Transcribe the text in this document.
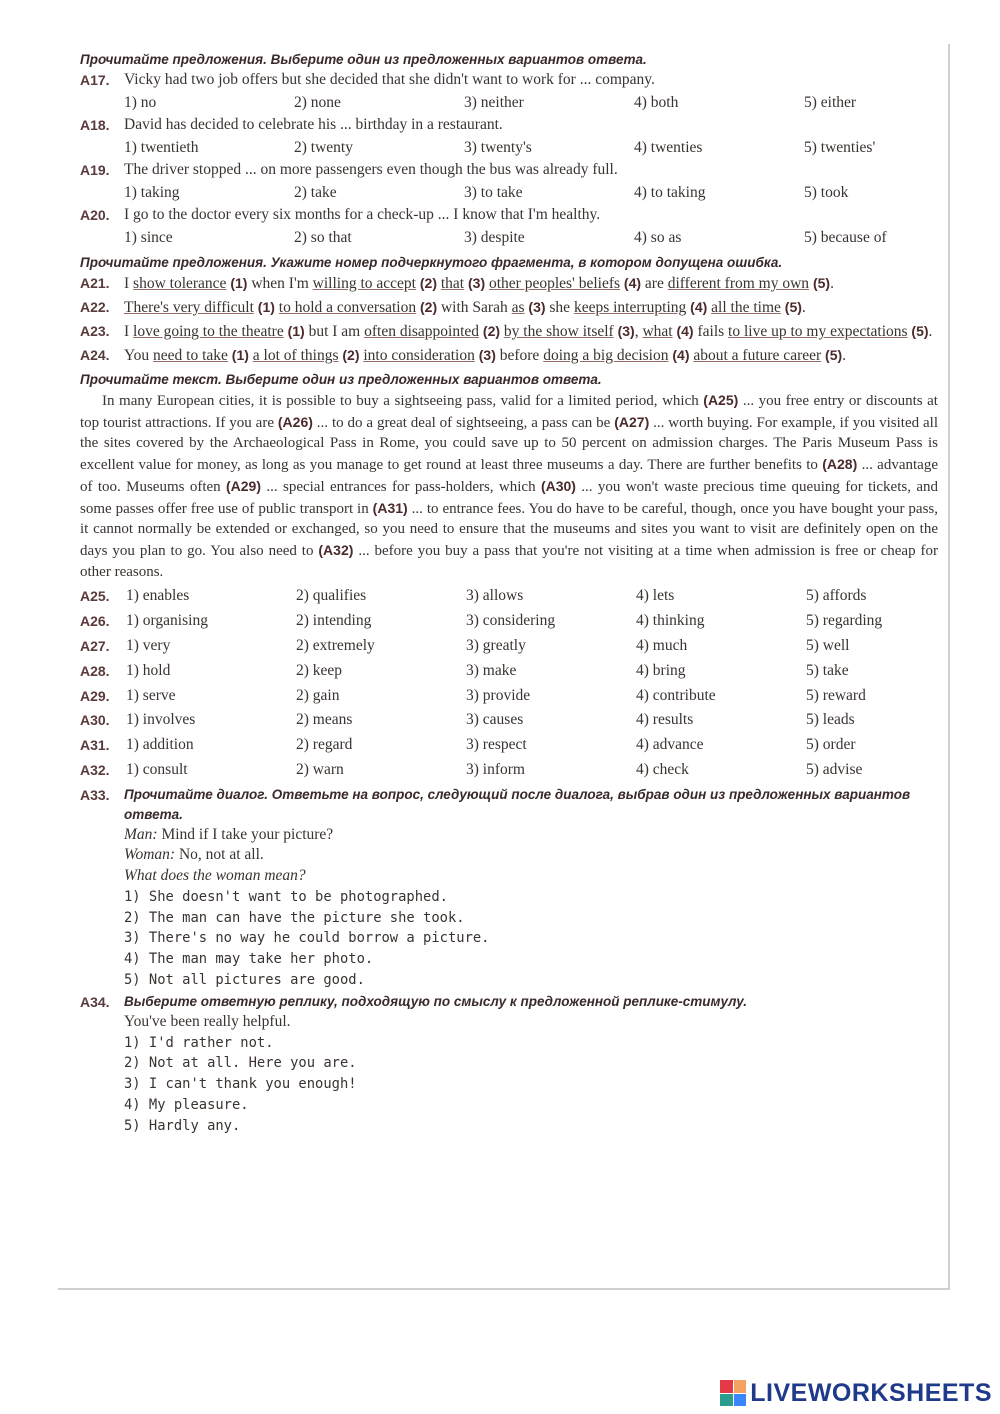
Прочитайте предложения. Выберите один из предложенных вариантов ответа.

A17. Vicky had two job offers but she decided that she didn't want to work for ... company.
1) no	2) none	3) neither	4) both	5) either
A18. David has decided to celebrate his ... birthday in a restaurant.
1) twentieth	2) twenty	3) twenty's	4) twenties	5) twenties'
A19. The driver stopped ... on more passengers even though the bus was already full.
1) taking	2) take	3) to take	4) to taking	5) took
A20. I go to the doctor every six months for a check-up ... I know that I'm healthy.
1) since	2) so that	3) despite	4) so as	5) because of

Прочитайте предложения. Укажите номер подчеркнутого фрагмента, в котором допущена ошибка.

A21. I show tolerance (1) when I'm willing to accept (2) that (3) other peoples' beliefs (4) are different from my own (5).
A22. There's very difficult (1) to hold a conversation (2) with Sarah as (3) she keeps interrupting (4) all the time (5).
A23. I love going to the theatre (1) but I am often disappointed (2) by the show itself (3), what (4) fails to live up to my expectations (5).
A24. You need to take (1) a lot of things (2) into consideration (3) before doing a big decision (4) about a future career (5).

Прочитайте текст. Выберите один из предложенных вариантов ответа.

In many European cities, it is possible to buy a sightseeing pass, valid for a limited period, which (A25) ... you free entry or discounts at top tourist attractions. If you are (A26) ... to do a great deal of sightseeing, a pass can be (A27) ... worth buying. For example, if you visited all the sites covered by the Archaeological Pass in Rome, you could save up to 50 percent on admission charges. The Paris Museum Pass is excellent value for money, as long as you manage to get round at least three museums a day. There are further benefits to (A28) ... advantage of too. Museums often (A29) ... special entrances for pass-holders, which (A30) ... you won't waste precious time queuing for tickets, and some passes offer free use of public transport in (A31) ... to entrance fees. You do have to be careful, though, once you have bought your pass, it cannot normally be extended or exchanged, so you need to ensure that the museums and sites you want to visit are definitely open on the days you plan to go. You also need to (A32) ... before you buy a pass that you're not visiting at a time when admission is free or cheap for other reasons.

A25.	1) enables	2) qualifies	3) allows	4) lets	5) affords
A26.	1) organising	2) intending	3) considering	4) thinking	5) regarding
A27.	1) very	2) extremely	3) greatly	4) much	5) well
A28.	1) hold	2) keep	3) make	4) bring	5) take
A29.	1) serve	2) gain	3) provide	4) contribute	5) reward
A30.	1) involves	2) means	3) causes	4) results	5) leads
A31.	1) addition	2) regard	3) respect	4) advance	5) order
A32.	1) consult	2) warn	3) inform	4) check	5) advise
A33. Прочитайте диалог. Ответьте на вопрос, следующий после диалога, выбрав один из предложенных вариантов ответа.
Man: Mind if I take your picture?
Woman: No, not at all.
What does the woman mean?
1) She doesn't want to be photographed.
2) The man can have the picture she took.
3) There's no way he could borrow a picture.
4) The man may take her photo.
5) Not all pictures are good.
A34. Выберите ответную реплику, подходящую по смыслу к предложенной реплике-стимулу.
You've been really helpful.
1) I'd rather not.
2) Not at all. Here you are.
3) I can't thank you enough!
4) My pleasure.
5) Hardly any.
LIVEWORKSHEETS
